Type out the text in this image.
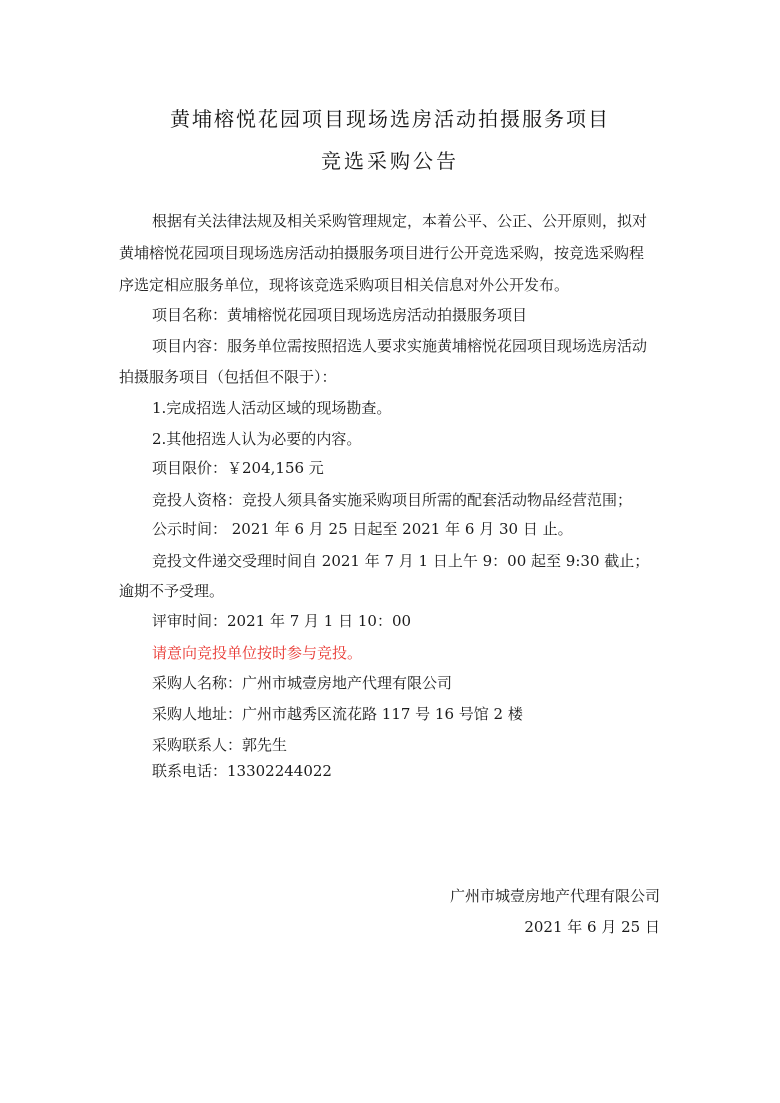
黄埔榕悦花园项目现场选房活动拍摄服务项目
竞选采购公告
根据有关法律法规及相关采购管理规定，本着公平、公正、公开原则，拟对
黄埔榕悦花园项目现场选房活动拍摄服务项目进行公开竞选采购，按竞选采购程
序选定相应服务单位，现将该竞选采购项目相关信息对外公开发布。
项目名称：黄埔榕悦花园项目现场选房活动拍摄服务项目
项目内容：服务单位需按照招选人要求实施黄埔榕悦花园项目现场选房活动
拍摄服务项目（包括但不限于）：
1.完成招选人活动区域的现场勘查。
2.其他招选人认为必要的内容。
项目限价：￥204,156 元
竞投人资格：竞投人须具备实施采购项目所需的配套活动物品经营范围；
公示时间： 2021 年 6 月 25 日起至 2021 年 6 月 30 日 止。
竞投文件递交受理时间自 2021 年 7 月 1 日上午 9：00 起至 9:30 截止；
逾期不予受理。
评审时间：2021 年 7 月 1 日 10：00
请意向竞投单位按时参与竞投。
采购人名称：广州市城壹房地产代理有限公司
采购人地址：广州市越秀区流花路 117 号 16 号馆 2 楼
采购联系人：郭先生
联系电话：13302244022
广州市城壹房地产代理有限公司
2021 年 6 月 25 日
